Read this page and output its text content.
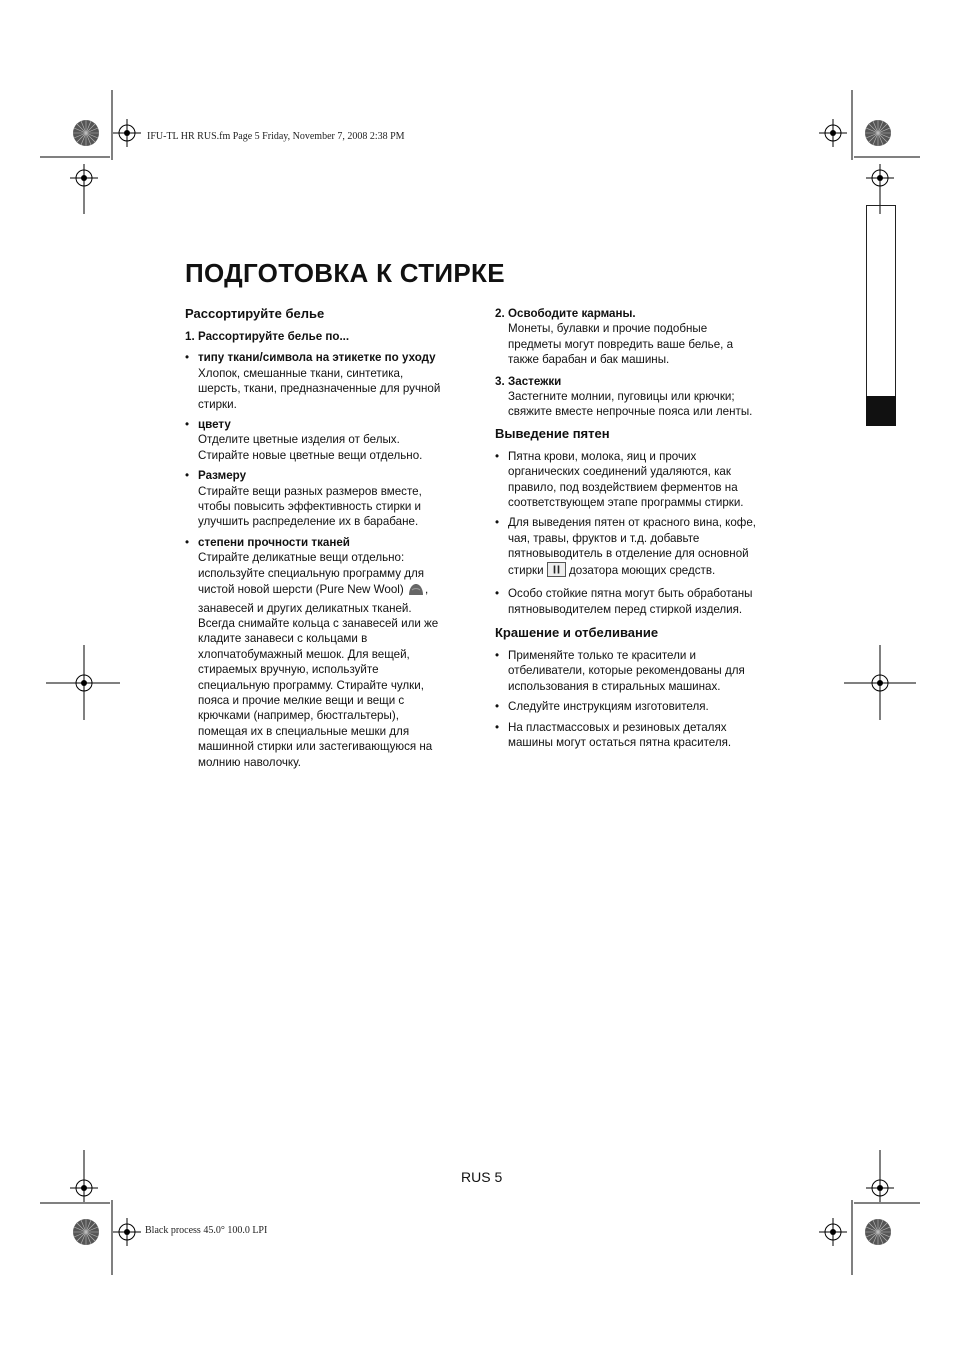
IFU-TL HR RUS.fm Page 5 Friday, November 7, 2008 2:38 PM
Black process 45.0° 100.0 LPI
ПОДГОТОВКА К СТИРКЕ
Рассортируйте белье
1. Рассортируйте белье по...
• типу ткани/символа на этикетке по уходу
Хлопок, смешанные ткани, синтетика,
шерсть, ткани, предназначенные для ручной
стирки.
• цвету
Отделите цветные изделия от белых.
Стирайте новые цветные вещи отдельно.
• Размеру
Стирайте вещи разных размеров вместе,
чтобы повысить эффективность стирки и
улучшить распределение их в барабане.
• степени прочности тканей
Стирайте деликатные вещи отдельно:
используйте специальную программу для
чистой новой шерсти (Pure New Wool) ,
занавесей и других деликатных тканей.
Всегда снимайте кольца с занавесей или же
кладите занавеси с кольцами в
хлопчатобумажный мешок. Для вещей,
стираемых вручную, используйте
специальную программу. Стирайте чулки,
пояса и прочие мелкие вещи и вещи с
крючками (например, бюстгальтеры),
помещая их в специальные мешки для
машинной стирки или застегивающуюся на
молнию наволочку.
2. Освободите карманы.
Монеты, булавки и прочие подобные
предметы могут повредить ваше белье, а
также барабан и бак машины.
3. Застежки
Застегните молнии, пуговицы или крючки;
свяжите вместе непрочные пояса или ленты.
Выведение пятен
• Пятна крови, молока, яиц и прочих
органических соединений удаляются, как
правило, под воздействием ферментов на
соответствующем этапе программы стирки.
• Для выведения пятен от красного вина, кофе,
чая, травы, фруктов и т.д. добавьте
пятновыводитель в отделение для основной
стирки  дозатора моющих средств.
• Особо стойкие пятна могут быть обработаны
пятновыводителем перед стиркой изделия.
Крашение и отбеливание
• Применяйте только те красители и
отбеливатели, которые рекомендованы для
использования в стиральных машинах.
• Следуйте инструкциям изготовителя.
• На пластмассовых и резиновых деталях
машины могут остаться пятна красителя.
RUS 5
